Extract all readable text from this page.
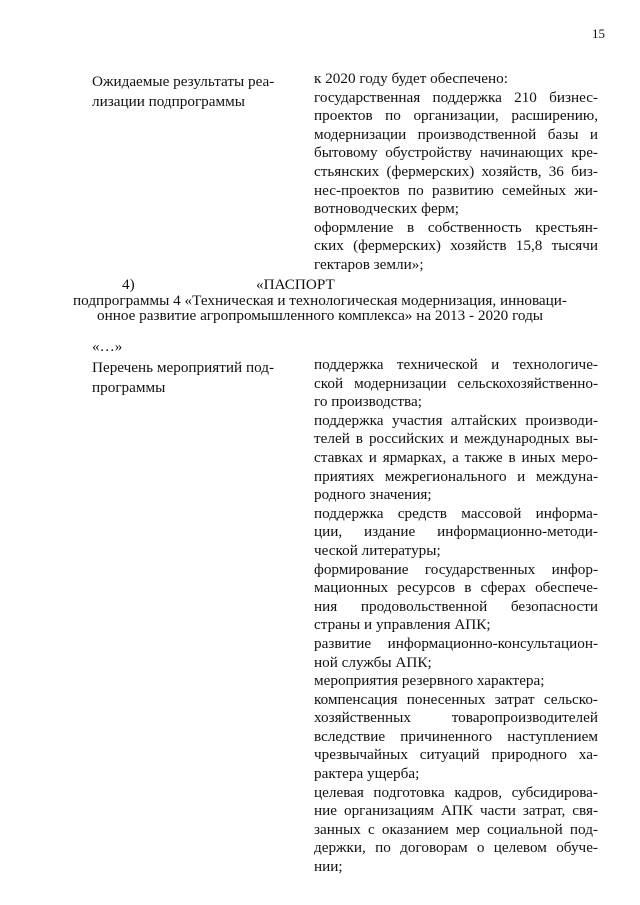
15
Ожидаемые результаты реа-
лизации подпрограммы
к 2020 году будет обеспечено:
государственная поддержка 210 бизнес-
проектов по организации, расширению,
модернизации производственной базы и
бытовому обустройству начинающих кре-
стьянских (фермерских) хозяйств, 36 биз-
нес-проектов по развитию семейных жи-
вотноводческих ферм;
оформление в собственность крестьян-
ских (фермерских) хозяйств 15,8 тысячи
гектаров земли»;
4)	«ПАСПОРТ
подпрограммы 4 «Техническая и технологическая модернизация, инноваци-
онное развитие агропромышленного комплекса» на 2013 - 2020 годы
«…»
Перечень мероприятий под-
программы
поддержка технической и технологиче-
ской модернизации сельскохозяйственно-
го производства;
поддержка участия алтайских производи-
телей в российских и международных вы-
ставках и ярмарках, а также в иных меро-
приятиях межрегионального и междуна-
родного значения;
поддержка средств массовой информа-
ции, издание информационно-методи-
ческой литературы;
формирование государственных инфор-
мационных ресурсов в сферах обеспече-
ния продовольственной безопасности
страны и управления АПК;
развитие информационно-консультацион-
ной службы АПК;
мероприятия резервного характера;
компенсация понесенных затрат сельско-
хозяйственных товаропроизводителей
вследствие причиненного наступлением
чрезвычайных ситуаций природного ха-
рактера ущерба;
целевая подготовка кадров, субсидирова-
ние организациям АПК части затрат, свя-
занных с оказанием мер социальной под-
держки, по договорам о целевом обуче-
нии;
